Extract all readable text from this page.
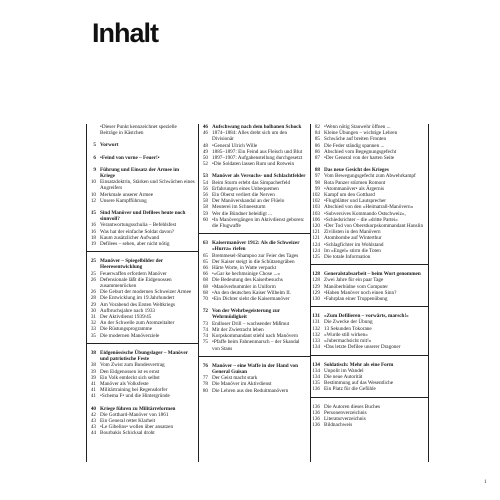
Inhalt
•Dieser Punkt kennzeichnet spezielle Beiträge in Kästchen
5 Vorwort
6 •Feind von vorne – Feuer!•
9 Führung und Einsatz der Armee im Kriege
10 Einsatzdoktrin, Stärken und Schwächen eines Angreifers
10 Merkmale unserer Armee
12 Unsere Kampfführung
15 Sind Manöver und Defilees heute noch sinnvoll?
16 Verantwortungsschulia – Befehlsfest
16 Was hat der einfache Soldat davon?
18 Kaum zusätzlicher Aufwand
19 Defilees – sehen, aber nicht nötig
25 Manöver – Spiegelbilder der Heeresentwicklung
25 Feuerwaffen erfordern Manöver
26 Defensionale läßt die Eidgenossen zusammenrücken
26 Die Geburt der modernen Schweizer Armee
28 Die Entwicklung im 19.Jahrhundert
29 Am Vorabend des Ersten Weltkriegs
30 Aufbruchsjahre nach 1933
31 Der Aktivdienst 1939/45
32 An der Schwelle zum Atomzeitalter
33 Die Rüstungsprogramme
35 Die modernen Manöverziele
38 Eidgenössische Übungslager – Manöver und patriotische Feste
38 Vom Zwist zum Bundesvertrag
39 Den Eidgenossen ist es ernst
39 Ein Volk entdeckt sich selbst
41 Manöver als Volksfeste
41 Militärtraining bei Regensdorfer
41 •Schema F• und die Hintergründe
40 Kriege führen zu Militärreformen
42 Die Gotthard-Manöver von 1861
43 Ein General rettet Klarheit
43 •Le Gibelins• wollen über ansatzen
44 Bourbakis Schicksal droht
46 Aufschwung nach dem holbanen Schock
46 1874–1884: Alles dreht sich um den Divisionär
48 •General Ulrich Wille
49 1885–1897: Ein Feind aus Fleisch und Blut
50 1897–1907: Aufgabenstellung durchgesetzt
52 •Die Soldaten lassen Rum und Rotwein
53 Manöver als Versuchs- und Schlachtfelder
54 Beim Sturm erlebt das Simpacherfeld
56 Erfahrungen eines Unbequemen
56 Ein Oberst verliert die Nerven
58 Der Manöverskandal an der Flüelo
58 Meuterei im Schneesturm
59 Wer die Bündner beleidigt ...
60 •In Manövergängen im Aktivdienst geboren: die Flugwaffe
63 Kaisermanöver 1912: Als die Schweizer «Hurra» riefen
65 Bremmesel-Shampoo zur Feier des Tages
65 Der Kaiser steigt in die Schützengräben
66 Härte Worte, in Watte verpackt
66 •«Gar ke hechmsinige Chose ...»
68 Die Bedeutung des Kaiserbesuchs
68 •Manöverbummler in Uniform
68 •An den deutschen Kaiser Wilhelm II.
70 •Ein Dichter sieht die Kaisermanöver
72 Von der Wehrbegeisterung zur Wehrmüdigkeit
73 Endloser Drill – wachsender Mißmut
74 Mit der Zwietracht leben
74 Korpskommandant stiehl nach Manövern
75 •Pfaffe beim Fahnenmarsch – der Skandal von Stans
76 Manöver – eine Waffe in der Hand von General Guisan
77 Der Geist macht stark
78 Die Manöver im Aktivdienst
80 Die Lehren aus den Reduitmanövern
82 •Wenn nötig Stauwehr öffnen ...
84 Kleine Übungen – wichtige Lehren
85 Schwäche auf breiten Fronten
86 Die Feder ständig spannen ...
86 Abschied vom Begegnungsgefecht
87 •Der General von der harten Seite
88 Das neue Gesicht des Krieges
97 Vom Bewegungsgefecht zum Abwehrkampf
98 Rota Panzer stürmen Romont
99 •Atommanöver• als Ärgernis
102 Kampf um den Gotthard
102 •Flugblätter und Lautsprecher
103 Abschied von den «Heimatrall-Manövern»
103 •Subversives Kommando Ostschweiz»,
106 •Schiedsrichter – die «dritte Partei»
120 •Der Tod von Oberstkorpskommandant Hanslin
121 Zivilisten in den Manövern
121 Atombombe auf Winterthur
124 •Schlagfichter im Wohlstand
124 Im «Engel» stirm die Toten
125 Die totale Information
128 Generalstabsarbeit – beim Wort genommen
128 Zwei Jahre für ein paar Tage
129 Manöberbüdne vom Computer
129 •Haben Manöver noch einen Sinn?
130 •Fahrplan einer Truppenübung
131 «Zum Defilieren – vorwärts, marsch!»
131 Die Zwecke der Übung
132 13 Sekunden Tokorane
132 «Wurde still wirken»
133 «Jubermachsicht mit!»
134 •Das letzte Defilee unserer Dragoner
134 Soldatisch: Mehr als eine Form
134 Unpolit im Wandel
134 Die neue Autorität
135 Bestimmung auf das Wesentliche
136 Ein Platz für die Gefühle
136 Die Autoren dieses Buches
136 Personenverzeichnis
136 Literaturverzeichnis
136 Bildnachweis
1
